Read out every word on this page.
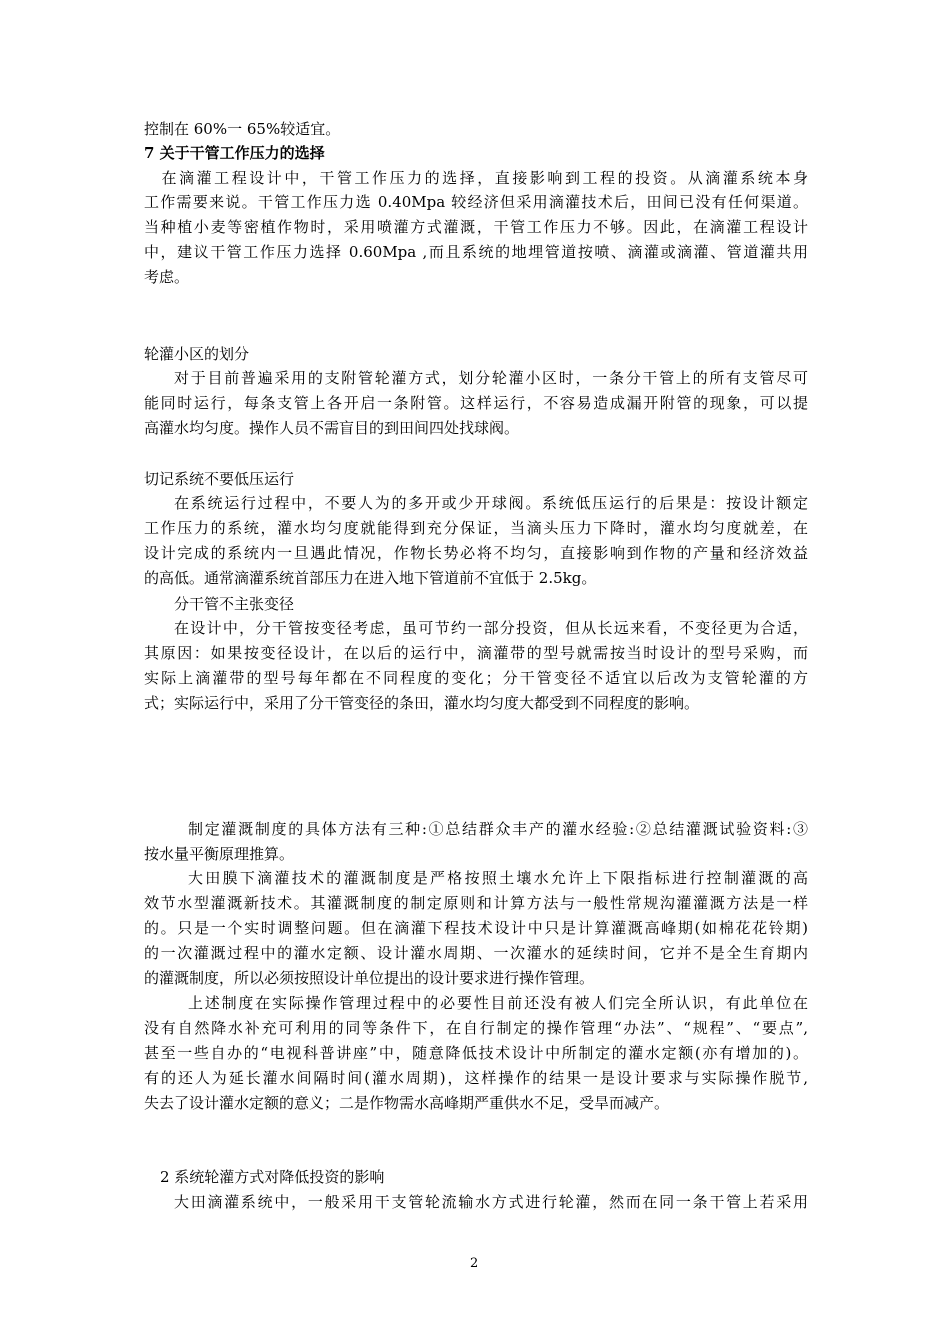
控制在 60%一 65%较适宜。
7 关于干管工作压力的选择
　在滴灌工程设计中，干管工作压力的选择，直接影响到工程的投资。从滴灌系统本身
工作需要来说。干管工作压力选 0.40Mpa 较经济但采用滴灌技术后，田间已没有任何渠道。
当种植小麦等密植作物时，采用喷灌方式灌溉，干管工作压力不够。因此，在滴灌工程设计
中，建议干管工作压力选择 0.60Mpa ,而且系统的地埋管道按喷、滴灌或滴灌、管道灌共用
考虑。
轮灌小区的划分
对于目前普遍采用的支附管轮灌方式，划分轮灌小区时，一条分干管上的所有支管尽可
能同时运行，每条支管上各开启一条附管。这样运行，不容易造成漏开附管的现象，可以提
高灌水均匀度。操作人员不需盲目的到田间四处找球阀。
切记系统不要低压运行
在系统运行过程中，不要人为的多开或少开球阀。系统低压运行的后果是：按设计额定
工作压力的系统，灌水均匀度就能得到充分保证，当滴头压力下降时，灌水均匀度就差，在
设计完成的系统内一旦遇此情况，作物长势必将不均匀，直接影响到作物的产量和经济效益
的高低。通常滴灌系统首部压力在进入地下管道前不宜低于 2.5kg。
分干管不主张变径
在设计中，分干管按变径考虑，虽可节约一部分投资，但从长远来看，不变径更为合适，
其原因：如果按变径设计，在以后的运行中，滴灌带的型号就需按当时设计的型号采购，而
实际上滴灌带的型号每年都在不同程度的变化；分干管变径不适宜以后改为支管轮灌的方
式；实际运行中，采用了分干管变径的条田，灌水均匀度大都受到不同程度的影响。
制定灌溉制度的具体方法有三种:①总结群众丰产的灌水经验:②总结灌溉试验资料:③
按水量平衡原理推算。
大田膜下滴灌技术的灌溉制度是严格按照土壤水允许上下限指标进行控制灌溉的高
效节水型灌溉新技术。其灌溉制度的制定原则和计算方法与一般性常规沟灌灌溉方法是一样
的。只是一个实时调整问题。但在滴灌下程技术设计中只是计算灌溉高峰期(如棉花花铃期)
的一次灌溉过程中的灌水定额、设计灌水周期、一次灌水的延续时间，它并不是全生育期内
的灌溉制度，所以必须按照设计单位提出的设计要求进行操作管理。
上述制度在实际操作管理过程中的必要性目前还没有被人们完全所认识，有此单位在
没有自然降水补充可利用的同等条件下，在自行制定的操作管理“办法”、“规程”、“要点”,
甚至一些自办的“电视科普讲座”中，随意降低技术设计中所制定的灌水定额(亦有增加的)。
有的还人为延长灌水间隔时间(灌水周期)，这样操作的结果一是设计要求与实际操作脱节,
失去了设计灌水定额的意义；二是作物需水高峰期严重供水不足，受旱而减产。
2 系统轮灌方式对降低投资的影响
大田滴灌系统中，一般采用干支管轮流输水方式进行轮灌，然而在同一条干管上若采用
2
